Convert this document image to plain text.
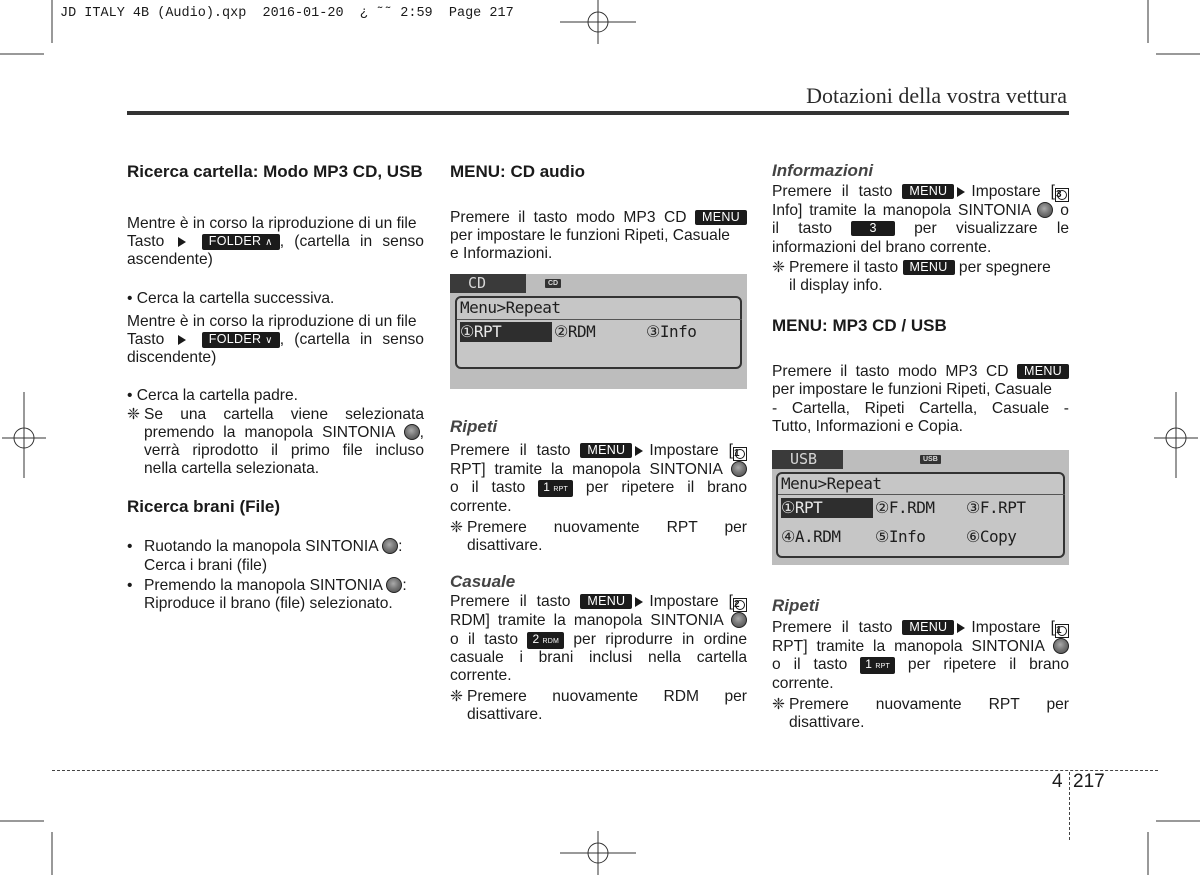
JD ITALY 4B (Audio).qxp  2016-01-20  ¿ ˜˜ 2:59  Page 217
Dotazioni della vostra vettura

Ricerca cartella: Modo MP3 CD, USB

Mentre è in corso la riproduzione di un file

Tasto	FOLDER ∧ , (cartella in senso
ascendente)

• Cerca la cartella successiva.

Mentre è in corso la riproduzione di un file

Tasto	FOLDER ∨ , (cartella in senso
discendente)

• Cerca la cartella padre.

❈ Se una cartella viene selezionata
premendo la manopola SINTONIA ,
verrà riprodotto il primo file incluso
nella cartella selezionata.

Ricerca brani (File)

• Ruotando la manopola SINTONIA :
Cerca i brani (file)
• Premendo la manopola SINTONIA :
Riproduce il brano (file) selezionato.

MENU: CD audio

Premere il tasto modo MP3 CD MENU
per impostare le funzioni Ripeti, Casuale
e Informazioni.

CD	CD
Menu>Repeat
①RPT	②RDM	③Info

Ripeti

Premere il tasto MENU Impostare [1
RPT] tramite la manopola SINTONIA
o il tasto 1 RPT per ripetere il brano
corrente.

❈ Premere nuovamente RPT per
disattivare.

Casuale

Premere il tasto MENU Impostare [2
RDM] tramite la manopola SINTONIA
o il tasto 2 RDM per riprodurre in ordine
casuale i brani inclusi nella cartella
corrente.

❈ Premere nuovamente RDM per
disattivare.

Informazioni

Premere il tasto MENU Impostare [3
Info] tramite la manopola SINTONIA o
il tasto	3 per visualizzare le
informazioni del brano corrente.

❈ Premere il tasto MENU per spegnere
il display info.

MENU: MP3 CD / USB

Premere il tasto modo MP3 CD MENU
per impostare le funzioni Ripeti, Casuale

- Cartella, Ripeti Cartella, Casuale -
Tutto, Informazioni e Copia.

USB	USB
Menu>Repeat
①RPT	②F.RDM ③F.RPT
④A.RDM ⑤Info	⑥Copy

Ripeti

Premere il tasto MENU Impostare [1
RPT] tramite la manopola SINTONIA
o il tasto 1 RPT per ripetere il brano
corrente.

❈ Premere nuovamente RPT per
disattivare.
4 217
